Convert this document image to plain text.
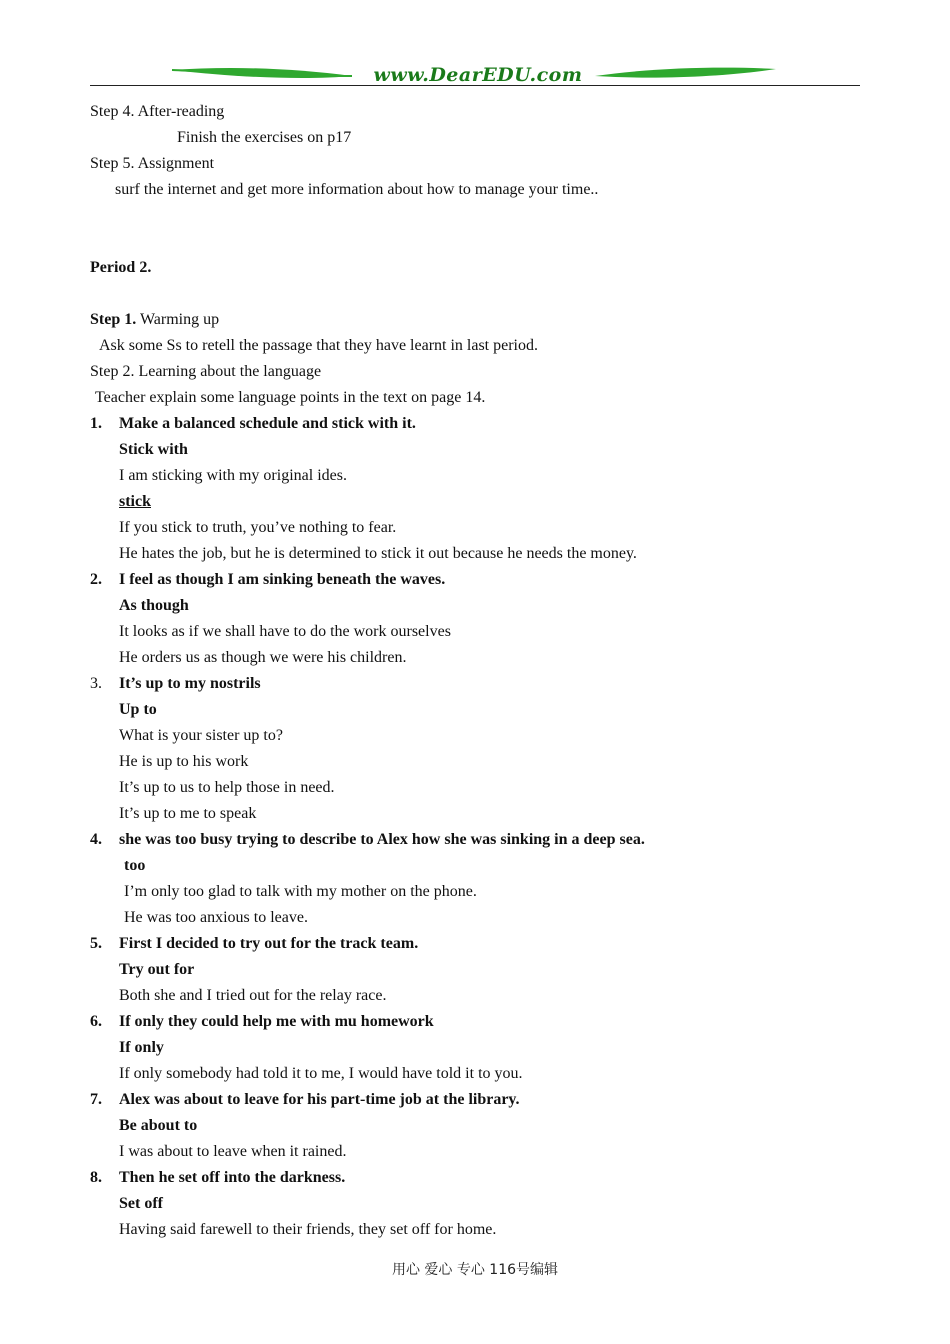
www.DearEDU.com
Step 4. After-reading
Finish the exercises on p17
Step 5. Assignment
surf the internet and get more information about how to manage your time..
Period 2.
Step 1. Warming up
Ask some Ss to retell the passage that they have learnt in last period.
Step 2. Learning about the language
Teacher explain some language points in the text on page 14.
1. Make a balanced schedule and stick with it.
Stick with
I am sticking with my original ides.
stick
If you stick to truth, you’ve nothing to fear.
He hates the job, but he is determined to stick it out because he needs the money.
2. I feel as though I am sinking beneath the waves.
As though
It looks as if we shall have to do the work ourselves
He orders us as though we were his children.
3. It’s up to my nostrils
Up to
What is your sister up to?
He is up to his work
It’s up to us to help those in need.
It’s up to me to speak
4. she was too busy trying to describe to Alex how she was sinking in a deep sea.
too
I’m only too glad to talk with my mother on the phone.
He was too anxious to leave.
5. First I decided to try out for the track team.
Try out for
Both she and I tried out for the relay race.
6. If only they could help me with mu homework
If only
If only somebody had told it to me, I would have told it to you.
7. Alex was about to leave for his part-time job at the library.
Be about to
I was about to leave when it rained.
8. Then he set off into the darkness.
Set off
Having said farewell to their friends, they set off for home.
用心 爱心 专心 116号编辑
